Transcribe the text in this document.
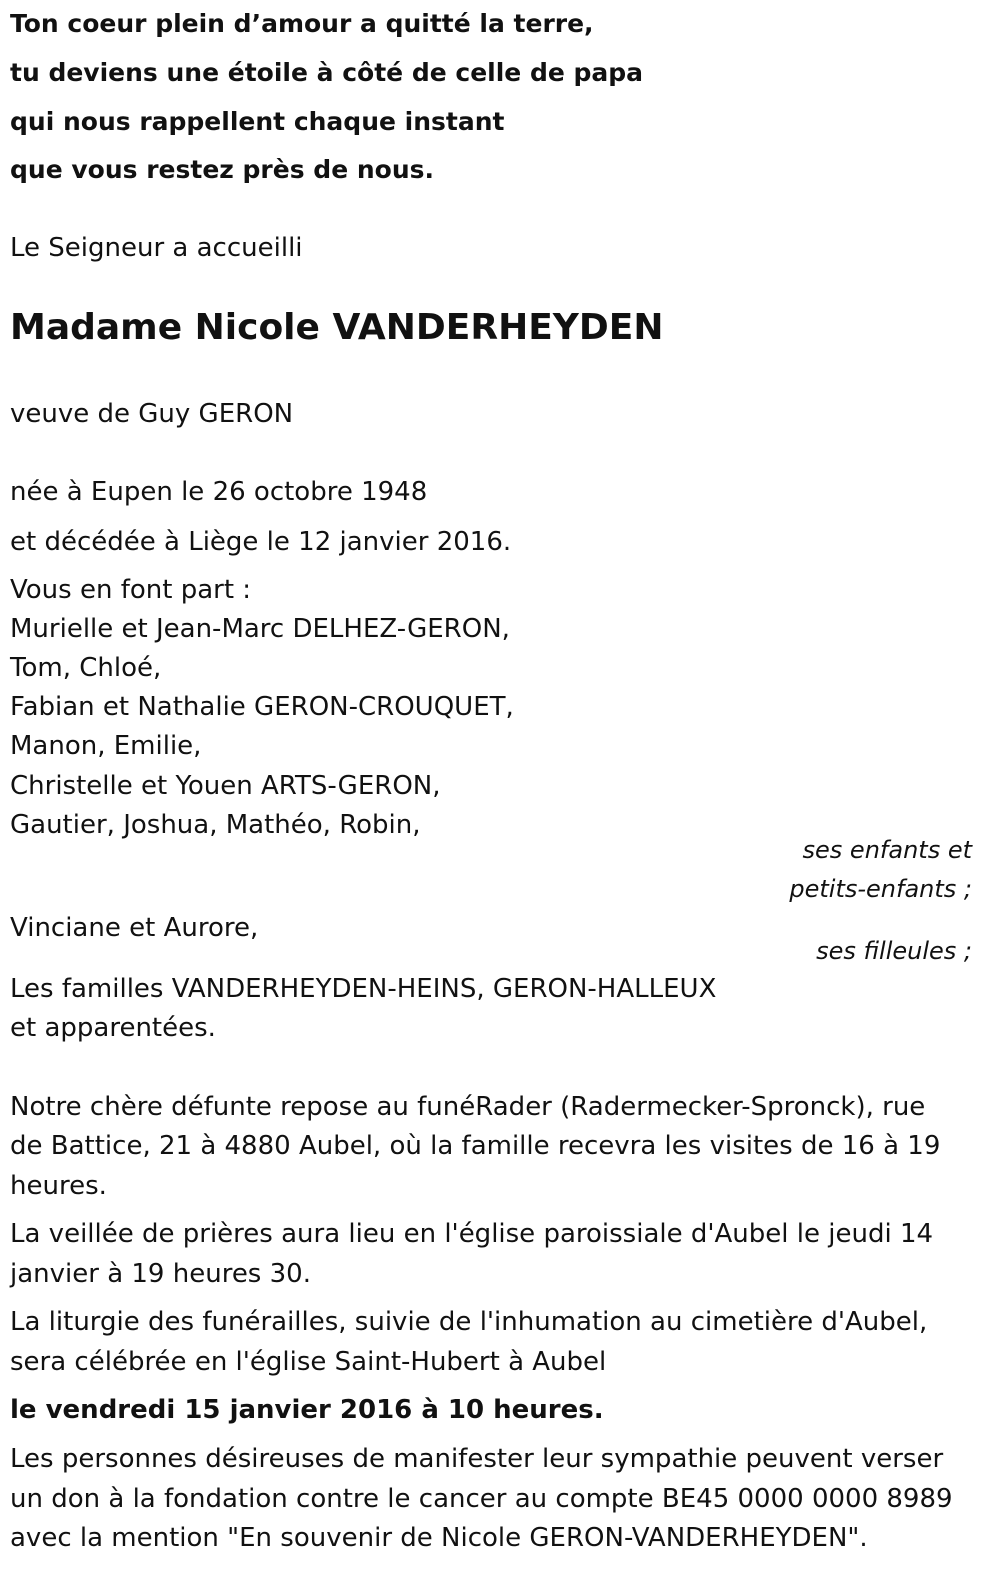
Ton coeur plein d’amour a quitté la terre,
tu deviens une étoile à côté de celle de papa
qui nous rappellent chaque instant
que vous restez près de nous.
Le Seigneur a accueilli
Madame Nicole VANDERHEYDEN
veuve de Guy GERON
née à Eupen le 26 octobre 1948
et décédée à Liège le 12 janvier 2016.
Vous en font part :
Murielle et Jean-Marc DELHEZ-GERON,
Tom, Chloé,
Fabian et Nathalie GERON-CROUQUET,
Manon, Emilie,
Christelle et Youen ARTS-GERON,
Gautier, Joshua, Mathéo, Robin,
ses enfants et
petits-enfants ;
Vinciane et Aurore,
ses filleules ;
Les familles VANDERHEYDEN-HEINS, GERON-HALLEUX
et apparentées.
Notre chère défunte repose au funéRader (Radermecker-Spronck), rue
de Battice, 21 à 4880 Aubel, où la famille recevra les visites de 16 à 19
heures.
La veillée de prières aura lieu en l'église paroissiale d'Aubel le jeudi 14
janvier à 19 heures 30.
La liturgie des funérailles, suivie de l'inhumation au cimetière d'Aubel,
sera célébrée en l'église Saint-Hubert à Aubel
le vendredi 15 janvier 2016 à 10 heures.
Les personnes désireuses de manifester leur sympathie peuvent verser
un don à la fondation contre le cancer au compte BE45 0000 0000 8989
avec la mention "En souvenir de Nicole GERON-VANDERHEYDEN".
